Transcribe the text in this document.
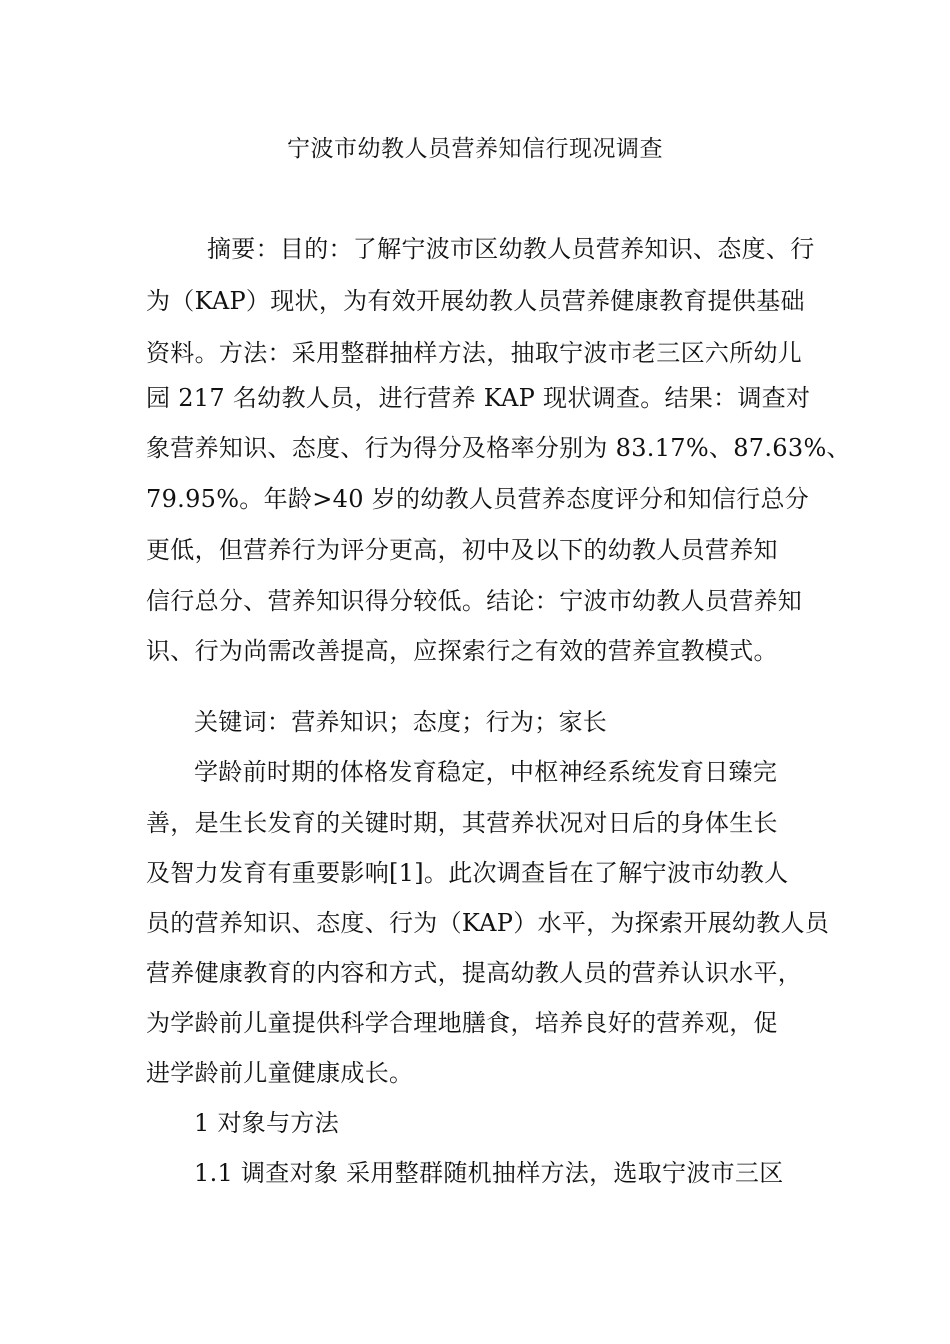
宁波市幼教人员营养知信行现况调查
摘要：目的：了解宁波市区幼教人员营养知识、态度、行
为（KAP）现状，为有效开展幼教人员营养健康教育提供基础
资料。方法：采用整群抽样方法，抽取宁波市老三区六所幼儿
园 217 名幼教人员，进行营养 KAP 现状调查。结果：调查对
象营养知识、态度、行为得分及格率分别为 83.17%、87.63%、
79.95%。年龄>40 岁的幼教人员营养态度评分和知信行总分
更低，但营养行为评分更高，初中及以下的幼教人员营养知
信行总分、营养知识得分较低。结论：宁波市幼教人员营养知
识、行为尚需改善提高，应探索行之有效的营养宣教模式。
关键词：营养知识；态度；行为；家长
学龄前时期的体格发育稳定，中枢神经系统发育日臻完
善，是生长发育的关键时期，其营养状况对日后的身体生长
及智力发育有重要影响[1]。此次调查旨在了解宁波市幼教人
员的营养知识、态度、行为（KAP）水平，为探索开展幼教人员
营养健康教育的内容和方式，提高幼教人员的营养认识水平，
为学龄前儿童提供科学合理地膳食，培养良好的营养观，促
进学龄前儿童健康成长。
1 对象与方法
1.1 调查对象 采用整群随机抽样方法，选取宁波市三区
